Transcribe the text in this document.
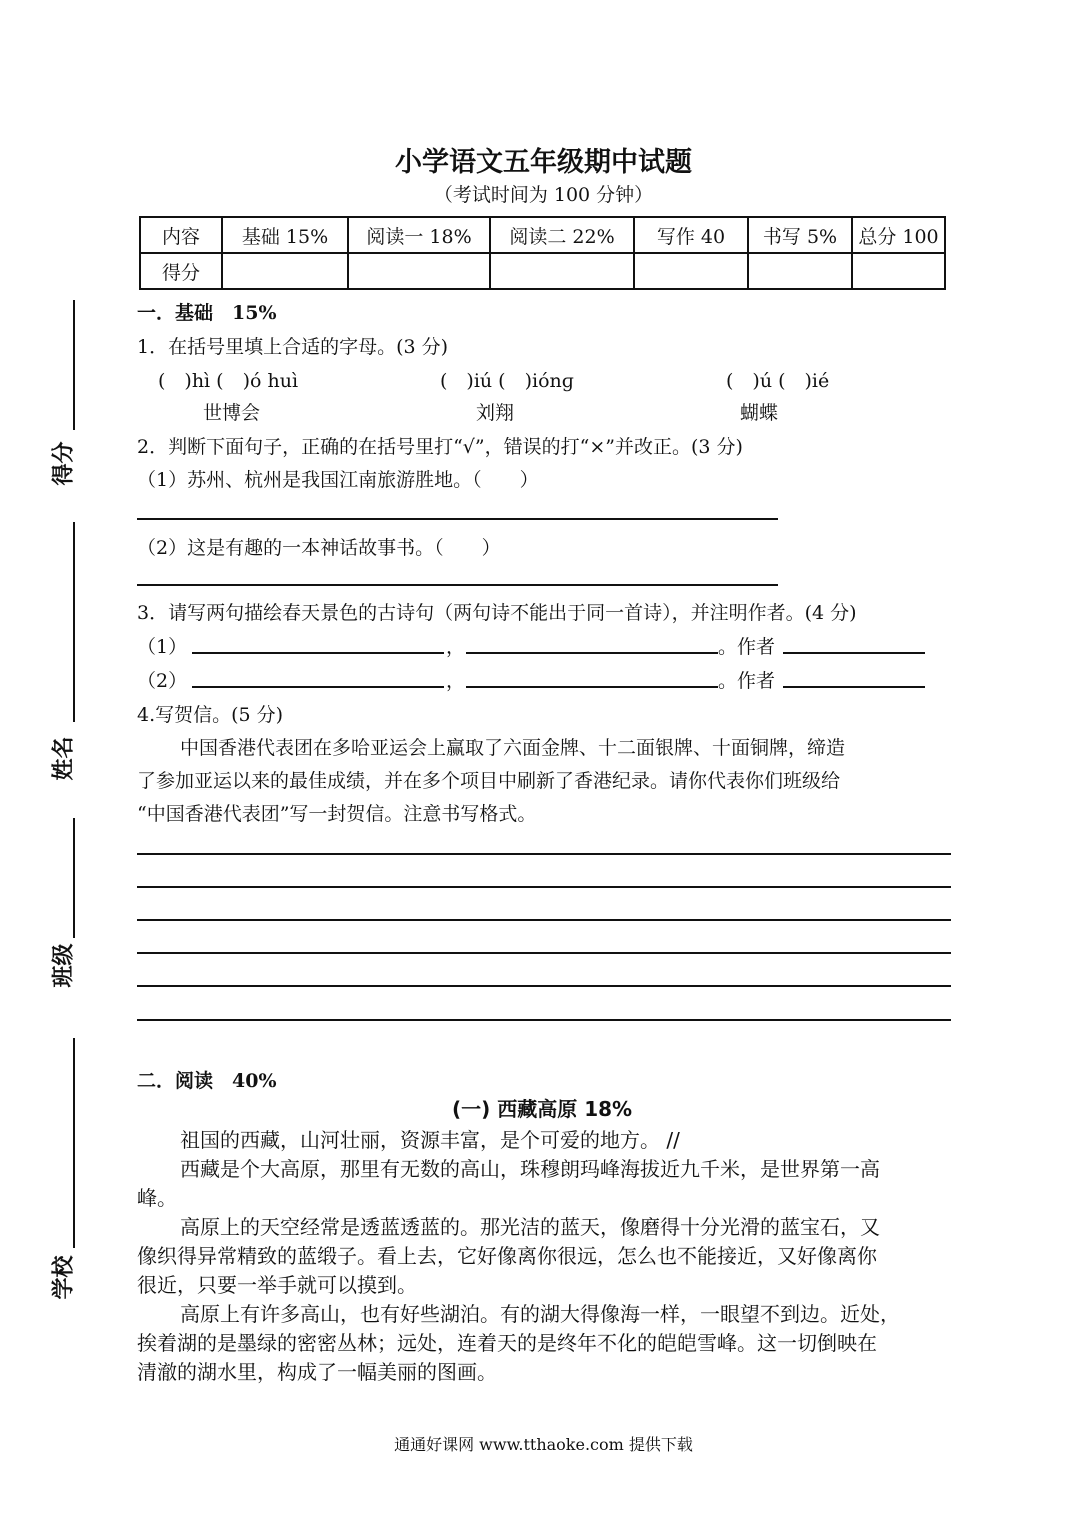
得分
姓名
班级
学校
小学语文五年级期中试题
（考试时间为 100 分钟）
内容	基础 15%	阅读一 18%	阅读二 22%	写作 40	书写 5%	总分 100
得分						
一．基础　15%
1．在括号里填上合适的字母。(3 分)
(　)hì (　)ó huì	(　)iú (　)iónɡ	(　)ú (　)ié
世博会	刘翔	蝴蝶
2．判断下面句子，正确的在括号里打“√”，错误的打“×”并改正。(3 分)
（1）苏州、杭州是我国江南旅游胜地。（　　）
（2）这是有趣的一本神话故事书。（　　）
3．请写两句描绘春天景色的古诗句（两句诗不能出于同一首诗），并注明作者。(4 分)
（1）	，	。作者
（2）	，	。作者
4.写贺信。(5 分)
中国香港代表团在多哈亚运会上赢取了六面金牌、十二面银牌、十面铜牌，缔造
了参加亚运以来的最佳成绩，并在多个项目中刷新了香港纪录。请你代表你们班级给
“中国香港代表团”写一封贺信。注意书写格式。
二．阅读　40%
(一) 西藏高原 18%
祖国的西藏，山河壮丽，资源丰富，是个可爱的地方。 //
西藏是个大高原，那里有无数的高山，珠穆朗玛峰海拔近九千米，是世界第一高
峰。
高原上的天空经常是透蓝透蓝的。那光洁的蓝天，像磨得十分光滑的蓝宝石，又
像织得异常精致的蓝缎子。看上去，它好像离你很远，怎么也不能接近，又好像离你
很近，只要一举手就可以摸到。
高原上有许多高山，也有好些湖泊。有的湖大得像海一样，一眼望不到边。近处，
挨着湖的是墨绿的密密丛林；远处，连着天的是终年不化的皑皑雪峰。这一切倒映在
清澈的湖水里，构成了一幅美丽的图画。
通通好课网 www.tthaoke.com 提供下载
